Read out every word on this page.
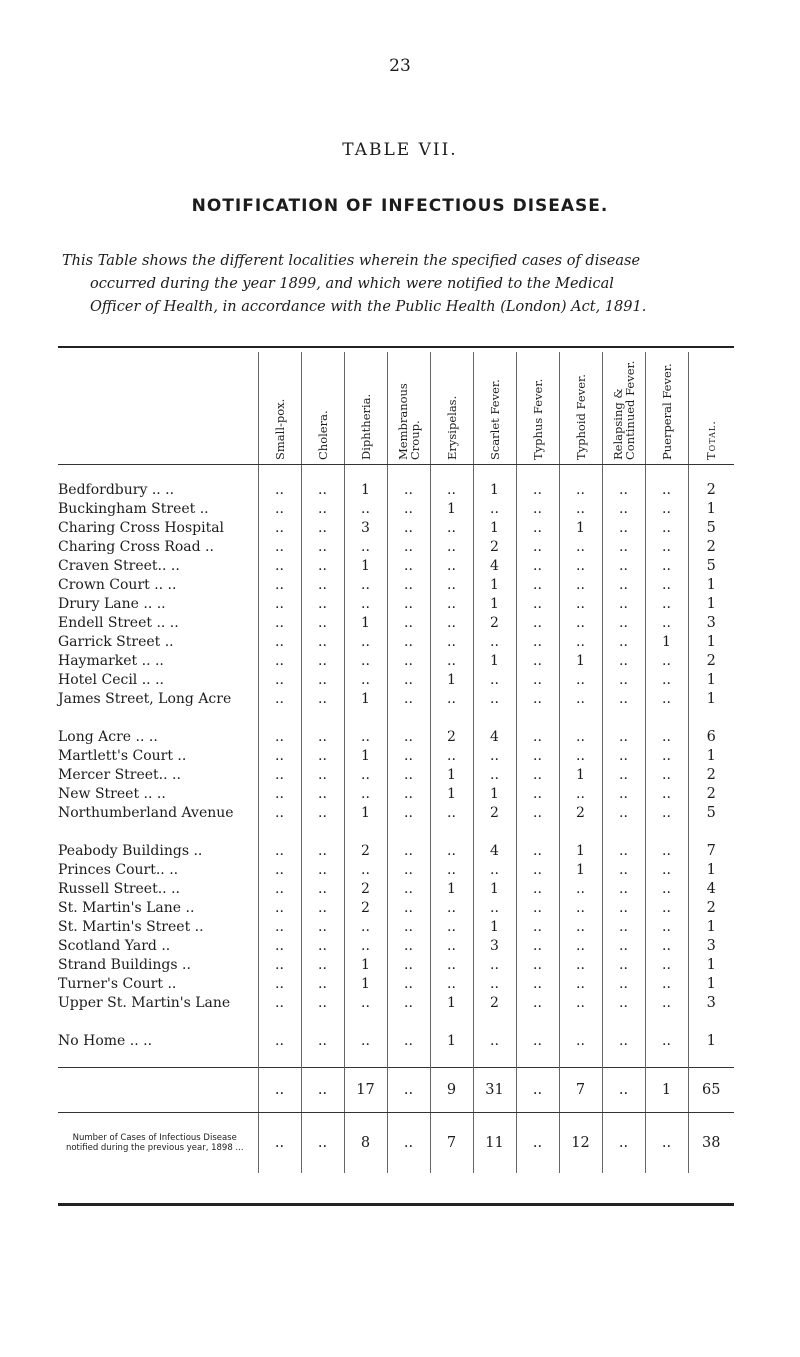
23
TABLE VII.
NOTIFICATION OF INFECTIOUS DISEASE.

This Table shows the different localities wherein the specified cases of disease

occurred during the year 1899, and which were notified to the Medical

Officer of Health, in accordance with the Public Health (London) Act, 1891.

	Small-pox.	Cholera.	Diphtheria.	Membranous Croup.	Erysipelas.	Scarlet Fever.	Typhus Fever.	Typhoid Fever.	Relapsing & Continued Fever.	Puerperal Fever.	Total.

Bedfordbury .. ..	..	..	1	..	..	1	..	..	..	..	2
Buckingham Street ..	..	..	..	..	1	..	..	..	..	..	1
Charing Cross Hospital	..	..	3	..	..	1	..	1	..	..	5
Charing Cross Road ..	..	..	..	..	..	2	..	..	..	..	2
Craven Street.. ..	..	..	1	..	..	4	..	..	..	..	5
Crown Court .. ..	..	..	..	..	..	1	..	..	..	..	1
Drury Lane .. ..	..	..	..	..	..	1	..	..	..	..	1
Endell Street .. ..	..	..	1	..	..	2	..	..	..	..	3
Garrick Street ..	..	..	..	..	..	..	..	..	..	1	1
Haymarket .. ..	..	..	..	..	..	1	..	1	..	..	2
Hotel Cecil .. ..	..	..	..	..	1	..	..	..	..	..	1
James Street, Long Acre	..	..	1	..	..	..	..	..	..	..	1
Long Acre .. ..	..	..	..	..	2	4	..	..	..	..	6
Martlett's Court ..	..	..	1	..	..	..	..	..	..	..	1
Mercer Street.. ..	..	..	..	..	1	..	..	1	..	..	2
New Street .. ..	..	..	..	..	1	1	..	..	..	..	2
Northumberland Avenue	..	..	1	..	..	2	..	2	..	..	5
Peabody Buildings ..	..	..	2	..	..	4	..	1	..	..	7
Princes Court.. ..	..	..	..	..	..	..	..	1	..	..	1
Russell Street.. ..	..	..	2	..	1	1	..	..	..	..	4
St. Martin's Lane ..	..	..	2	..	..	..	..	..	..	..	2
St. Martin's Street ..	..	..	..	..	..	1	..	..	..	..	1
Scotland Yard ..	..	..	..	..	..	3	..	..	..	..	3
Strand Buildings ..	..	..	1	..	..	..	..	..	..	..	1
Turner's Court ..	..	..	1	..	..	..	..	..	..	..	1
Upper St. Martin's Lane	..	..	..	..	1	2	..	..	..	..	3
No Home .. ..	..	..	..	..	1	..	..	..	..	..	1

	..	..	17	..	9	31	..	7	..	1	65

Number of Cases of Infectious Disease notified during the previous year, 1898 ...	..	..	8	..	7	11	..	12	..	..	38
